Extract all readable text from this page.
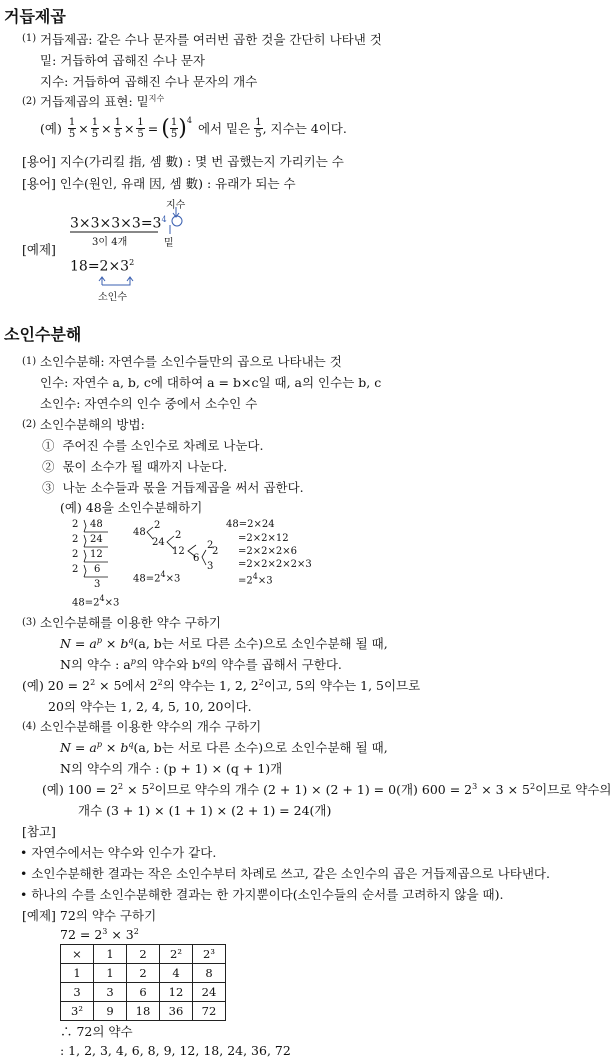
거듭제곱
(1) 거듭제곱: 같은 수나 문자를 여러번 곱한 것을 간단히 나타낸 것
밑: 거듭하여 곱해진 수나 문자
지수: 거듭하여 곱해진 수나 문자의 개수
(2) 거듭제곱의 표현: 밑$^{지수}$
(예) $\frac{1}{5} \times \frac{1}{5} \times \frac{1}{5} \times \frac{1}{5}$ = ( $\frac{1}{5} )^4$
에서 밑은 $\frac{1}{5}$ , 지수는 4이다.
[용어] 지수(가리킬 指, 셈 數) : 몇 번 곱했는지 가리키는 수
[용어] 인수(원인, 유래 因, 셈 數) : 유래가 되는 수
지수
$3\times 3\times 3\times 3=3^4$
[예제]	3이 4개	밑
$18=2\times 3^2$
소인수
소인수분해
(1) 소인수분해: 자연수를 소인수들만의 곱으로 나타내는 것
인수: 자연수 a, b, c에 대하여 a = b×c일 때, a의 인수는 b, c
소인수: 자연수의 인수 중에서 소수인 수
(2) 소인수분해의 방법:
① 주어진 수를 소인수로 차례로 나눈다.
② 몫이 소수가 될 때까지 나눈다.
③ 나눈 소수들과 몫을 거듭제곱을 써서 곱한다.
(예) 48을 소인수분해하기
2 48
2 24
2 12
2 6
3
$48=2^4\times 3$
48
2
24
2
12
2
6
2
3
$48=2^4\times 3$
48=2×24
=2×2×12
=2×2×2×6
=2×2×2×2×3
$=2^4\times 3$
(3) 소인수분해를 이용한 약수 구하기
$N = a^p \times b^q(a$, b는 서로 다른 소수)으로 소인수분해 될 때,
N의 약수 : $a^p$의 약수와 $b^q$의 약수를 곱해서 구한다.
(예) $20 = 2^2 \times 5$에서 $2^2$의 약수는 1, 2, $2^2$이고, 5의 약수는 1, 5이므로
20의 약수는 1, 2, 4, 5, 10, 20이다.
(4) 소인수분해를 이용한 약수의 개수 구하기
$N = a^p \times b^q(a$, b는 서로 다른 소수)으로 소인수분해 될 때,
N의 약수의 개수 : (p + 1) × (q + 1)개
(예) $100 = 2^2 \times 5^2$이므로 약수의 개수 (2 + 1) × (2 + 1) = 0(개) $600 = 2^3 \times 3 \times 5^2$이므로 약수의
개수 (3 + 1) × (1 + 1) × (2 + 1) = 24(개)
[참고]
• 자연수에서는 약수와 인수가 같다.
• 소인수분해한 결과는 작은 소인수부터 차례로 쓰고, 같은 소인수의 곱은 거듭제곱으로 나타낸다.
• 하나의 수를 소인수분해한 결과는 한 가지뿐이다(소인수들의 순서를 고려하지 않을 때).
[예제] 72의 약수 구하기
$72 = 2^3 \times 3^2$
×	1	2	2²	2³
1	1	2	4	8
3	3	6	12	24
3²	9	18	36	72
∴ 72의 약수
: 1, 2, 3, 4, 6, 8, 9, 12, 18, 24, 36, 72
